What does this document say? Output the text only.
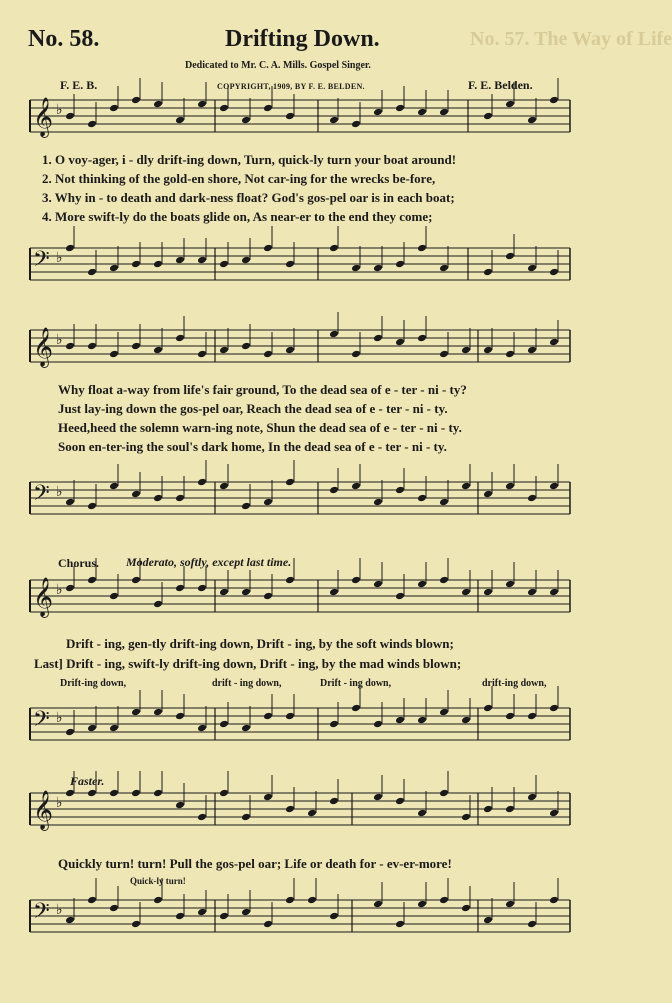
No. 58.	Drifting Down.	No. 57. The Way of Life
Dedicated to Mr. C. A. Mills. Gospel Singer.
F. E. B.	COPYRIGHT, 1909, BY F. E. BELDEN.	F. E. Belden.
𝄞 ♭
𝄢 ♭
𝄞 ♭
𝄢 ♭
𝄞 ♭
𝄢 ♭
𝄞 ♭
𝄢 ♭
1. O voy-ager, i - dly drift-ing down, Turn, quick-ly turn your boat around!
2. Not thinking of the gold-en shore, Not car-ing for the wrecks be-fore,
3. Why in - to death and dark-ness float? God's gos-pel oar is in each boat;
4. More swift-ly do the boats glide on, As near-er to the end they come;
Why float a-way from life's fair ground, To the dead sea of e - ter - ni - ty?
Just lay-ing down the gos-pel oar, Reach the dead sea of e - ter - ni - ty.
Heed,heed the solemn warn-ing note, Shun the dead sea of e - ter - ni - ty.
Soon en-ter-ing the soul's dark home, In the dead sea of e - ter - ni - ty.
Chorus. Moderato, softly, except last time.
Drift - ing, gen-tly drift-ing down, Drift - ing, by the soft winds blown;
Last] Drift - ing, swift-ly drift-ing down, Drift - ing, by the mad winds blown;
Drift-ing down,	drift - ing down,	Drift - ing down,	drift-ing down,
Faster.
Quickly turn! turn! Pull the gos-pel oar; Life or death for - ev-er-more!
Quick-ly turn!
